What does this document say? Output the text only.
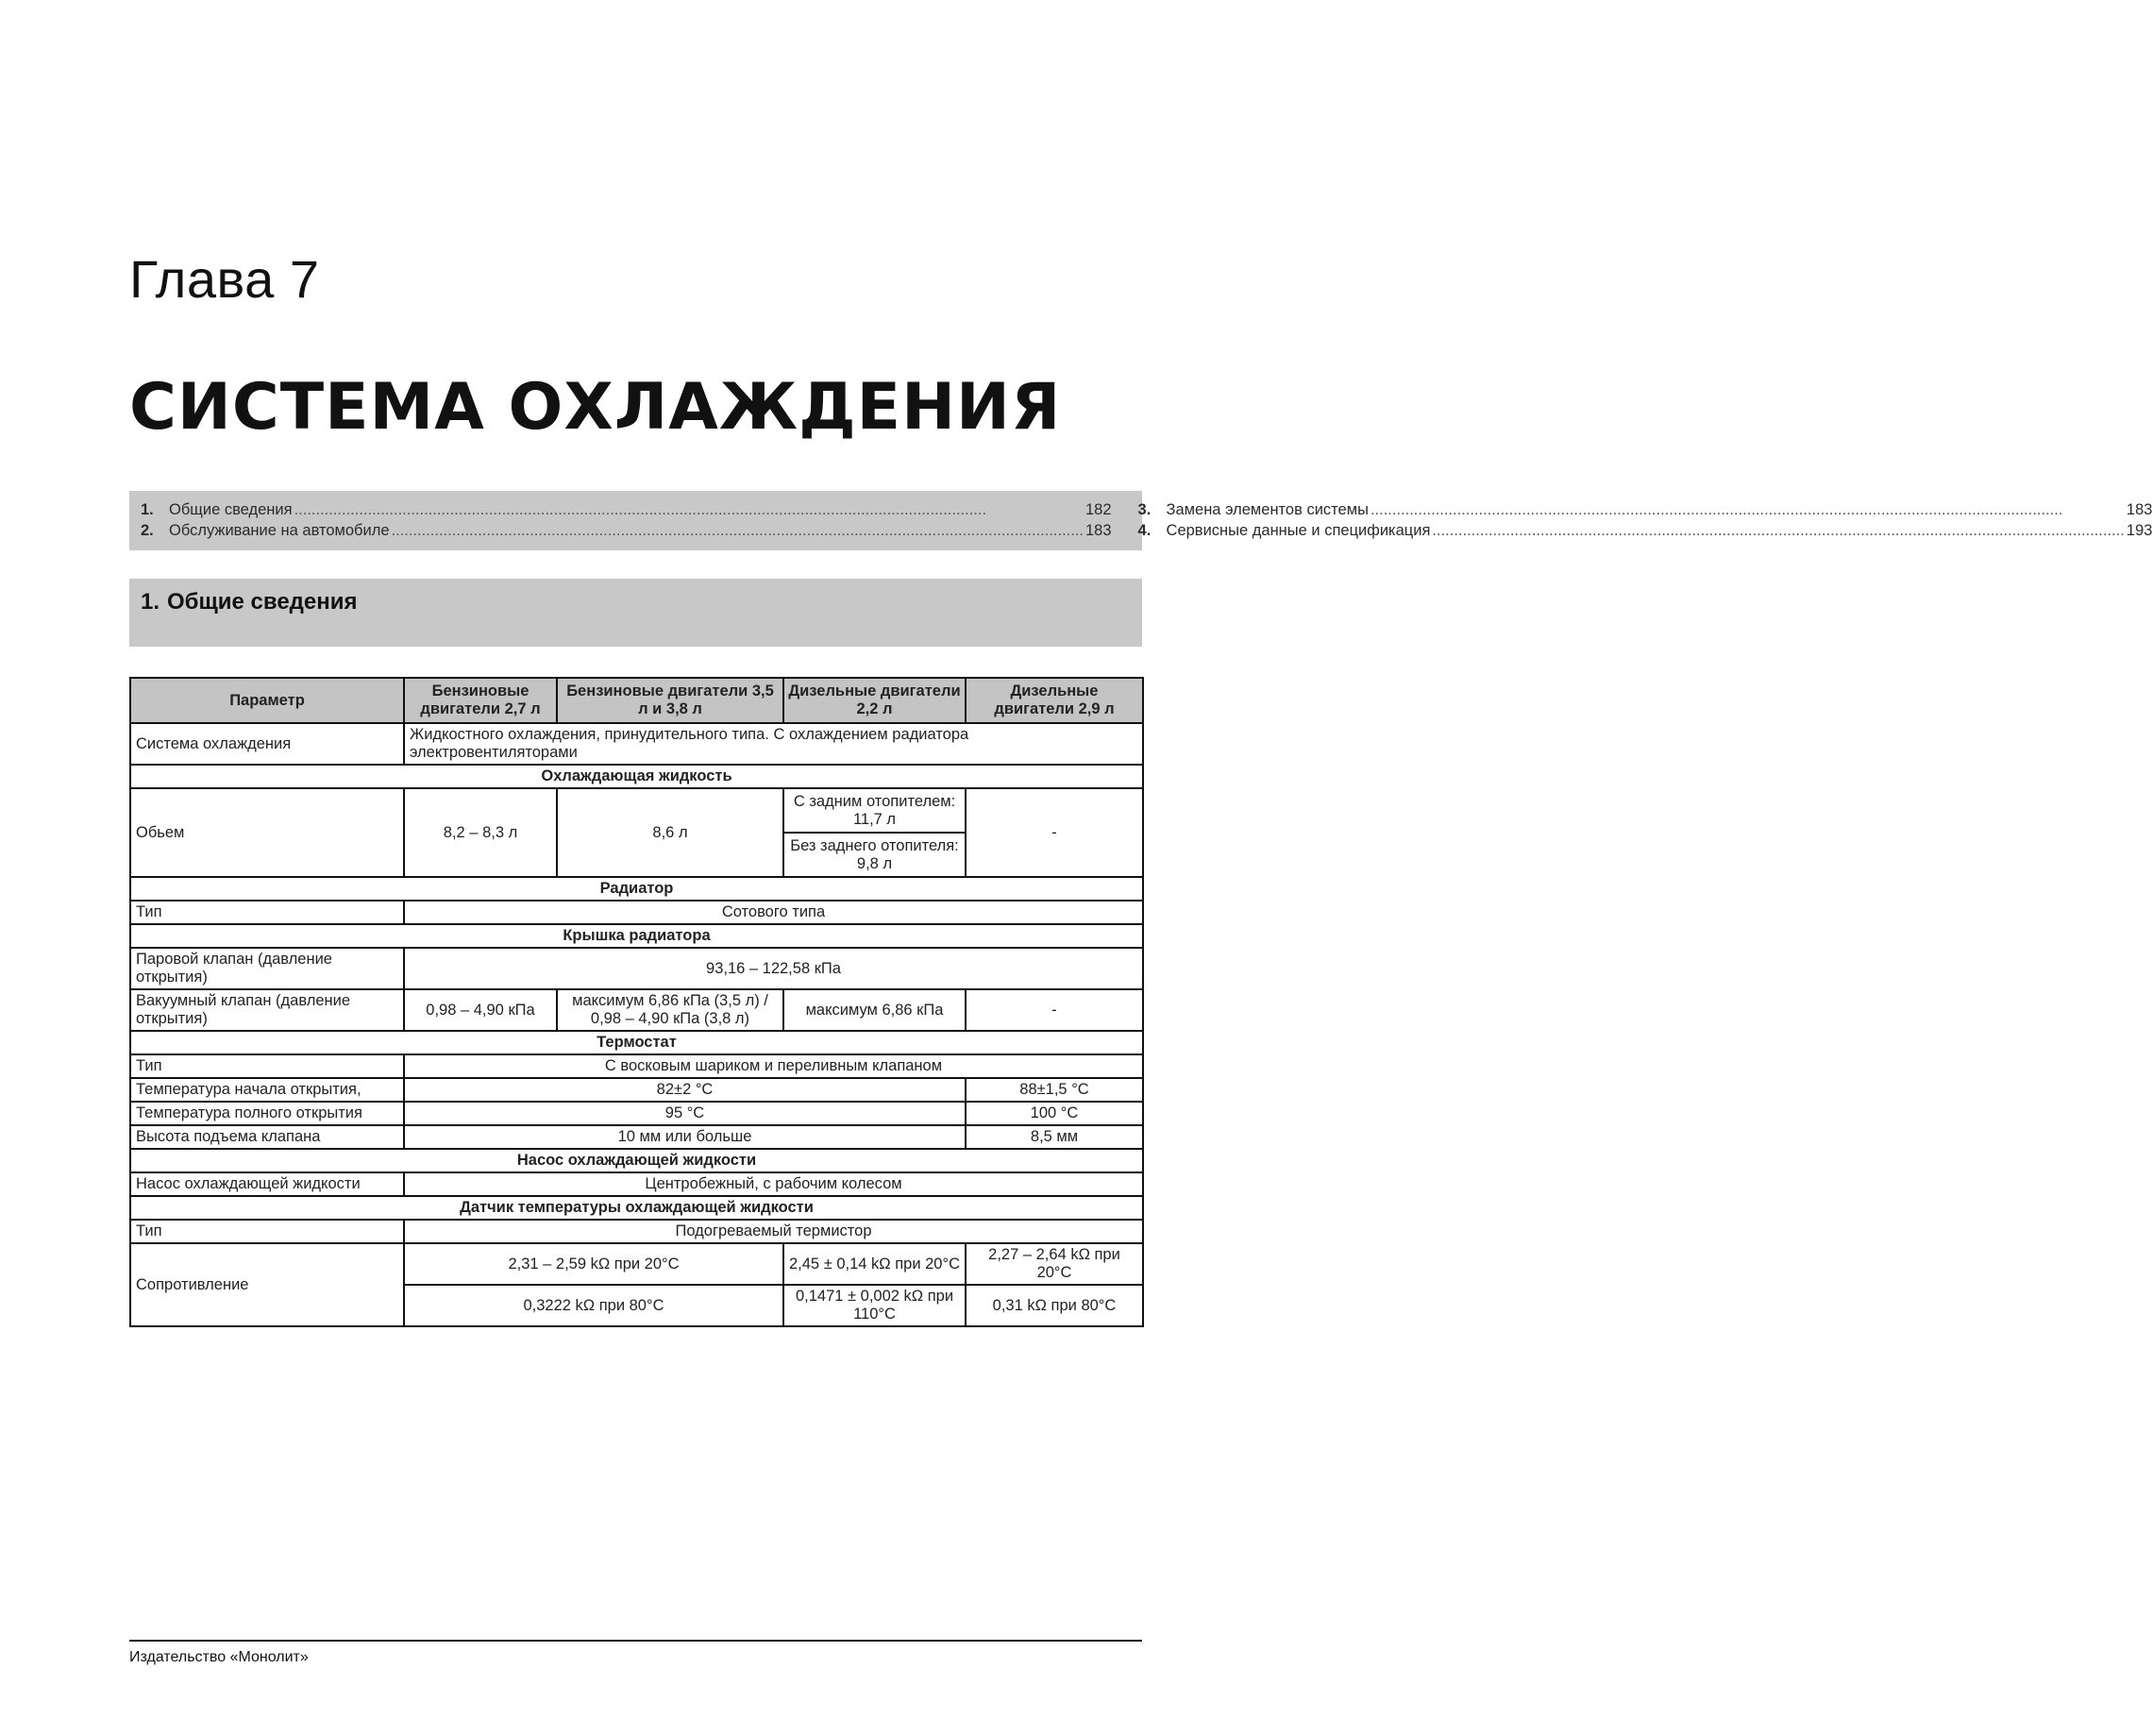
Глава 7
СИСТЕМА ОХЛАЖДЕНИЯ
1. Общие сведения .....	182 3. Замена элементов системы .....	183
2. Обслуживание на автомобиле .....	183 4. Сервисные данные и спецификация .....	193
1. Общие сведения
Параметр	Бензиновые двигатели 2,7 л	Бензиновые двигатели 3,5 л и 3,8 л	Дизельные двигатели 2,2 л	Дизельные двигатели 2,9 л
Система охлаждения	Жидкостного охлаждения, принудительного типа. С охлаждением радиатора электровентиляторами			
Охлаждающая жидкость				
Обьем	8,2 – 8,3 л	8,6 л	С задним отопителем: 11,7 л	-
			Без заднего отопителя: 9,8 л	
Радиатор				
Тип	Сотового типа			
Крышка радиатора				
Паровой клапан (давление открытия)	93,16 – 122,58 кПа			
Вакуумный клапан (давление открытия)	0,98 – 4,90 кПа	максимум 6,86 кПа (3,5 л) / 0,98 – 4,90 кПа (3,8 л)	максимум 6,86 кПа	-
Термостат				
Тип	С восковым шариком и переливным клапаном			
Температура начала открытия,	82±2 °С			88±1,5 °С
Температура полного открытия	95 °С			100 °С
Высота подъема клапана	10 мм или больше			8,5 мм
Насос охлаждающей жидкости				
Насос охлаждающей жидкости	Центробежный, с рабочим колесом			
Датчик температуры охлаждающей жидкости				
Тип	Подогреваемый термистор			
Сопротивление	2,31 – 2,59 kΩ при 20°С		2,45 ± 0,14 kΩ при 20°С	2,27 – 2,64 kΩ при 20°С
	0,3222 kΩ при 80°С		0,1471 ± 0,002 kΩ при 110°С	0,31 kΩ при 80°С
Издательство «Монолит»
